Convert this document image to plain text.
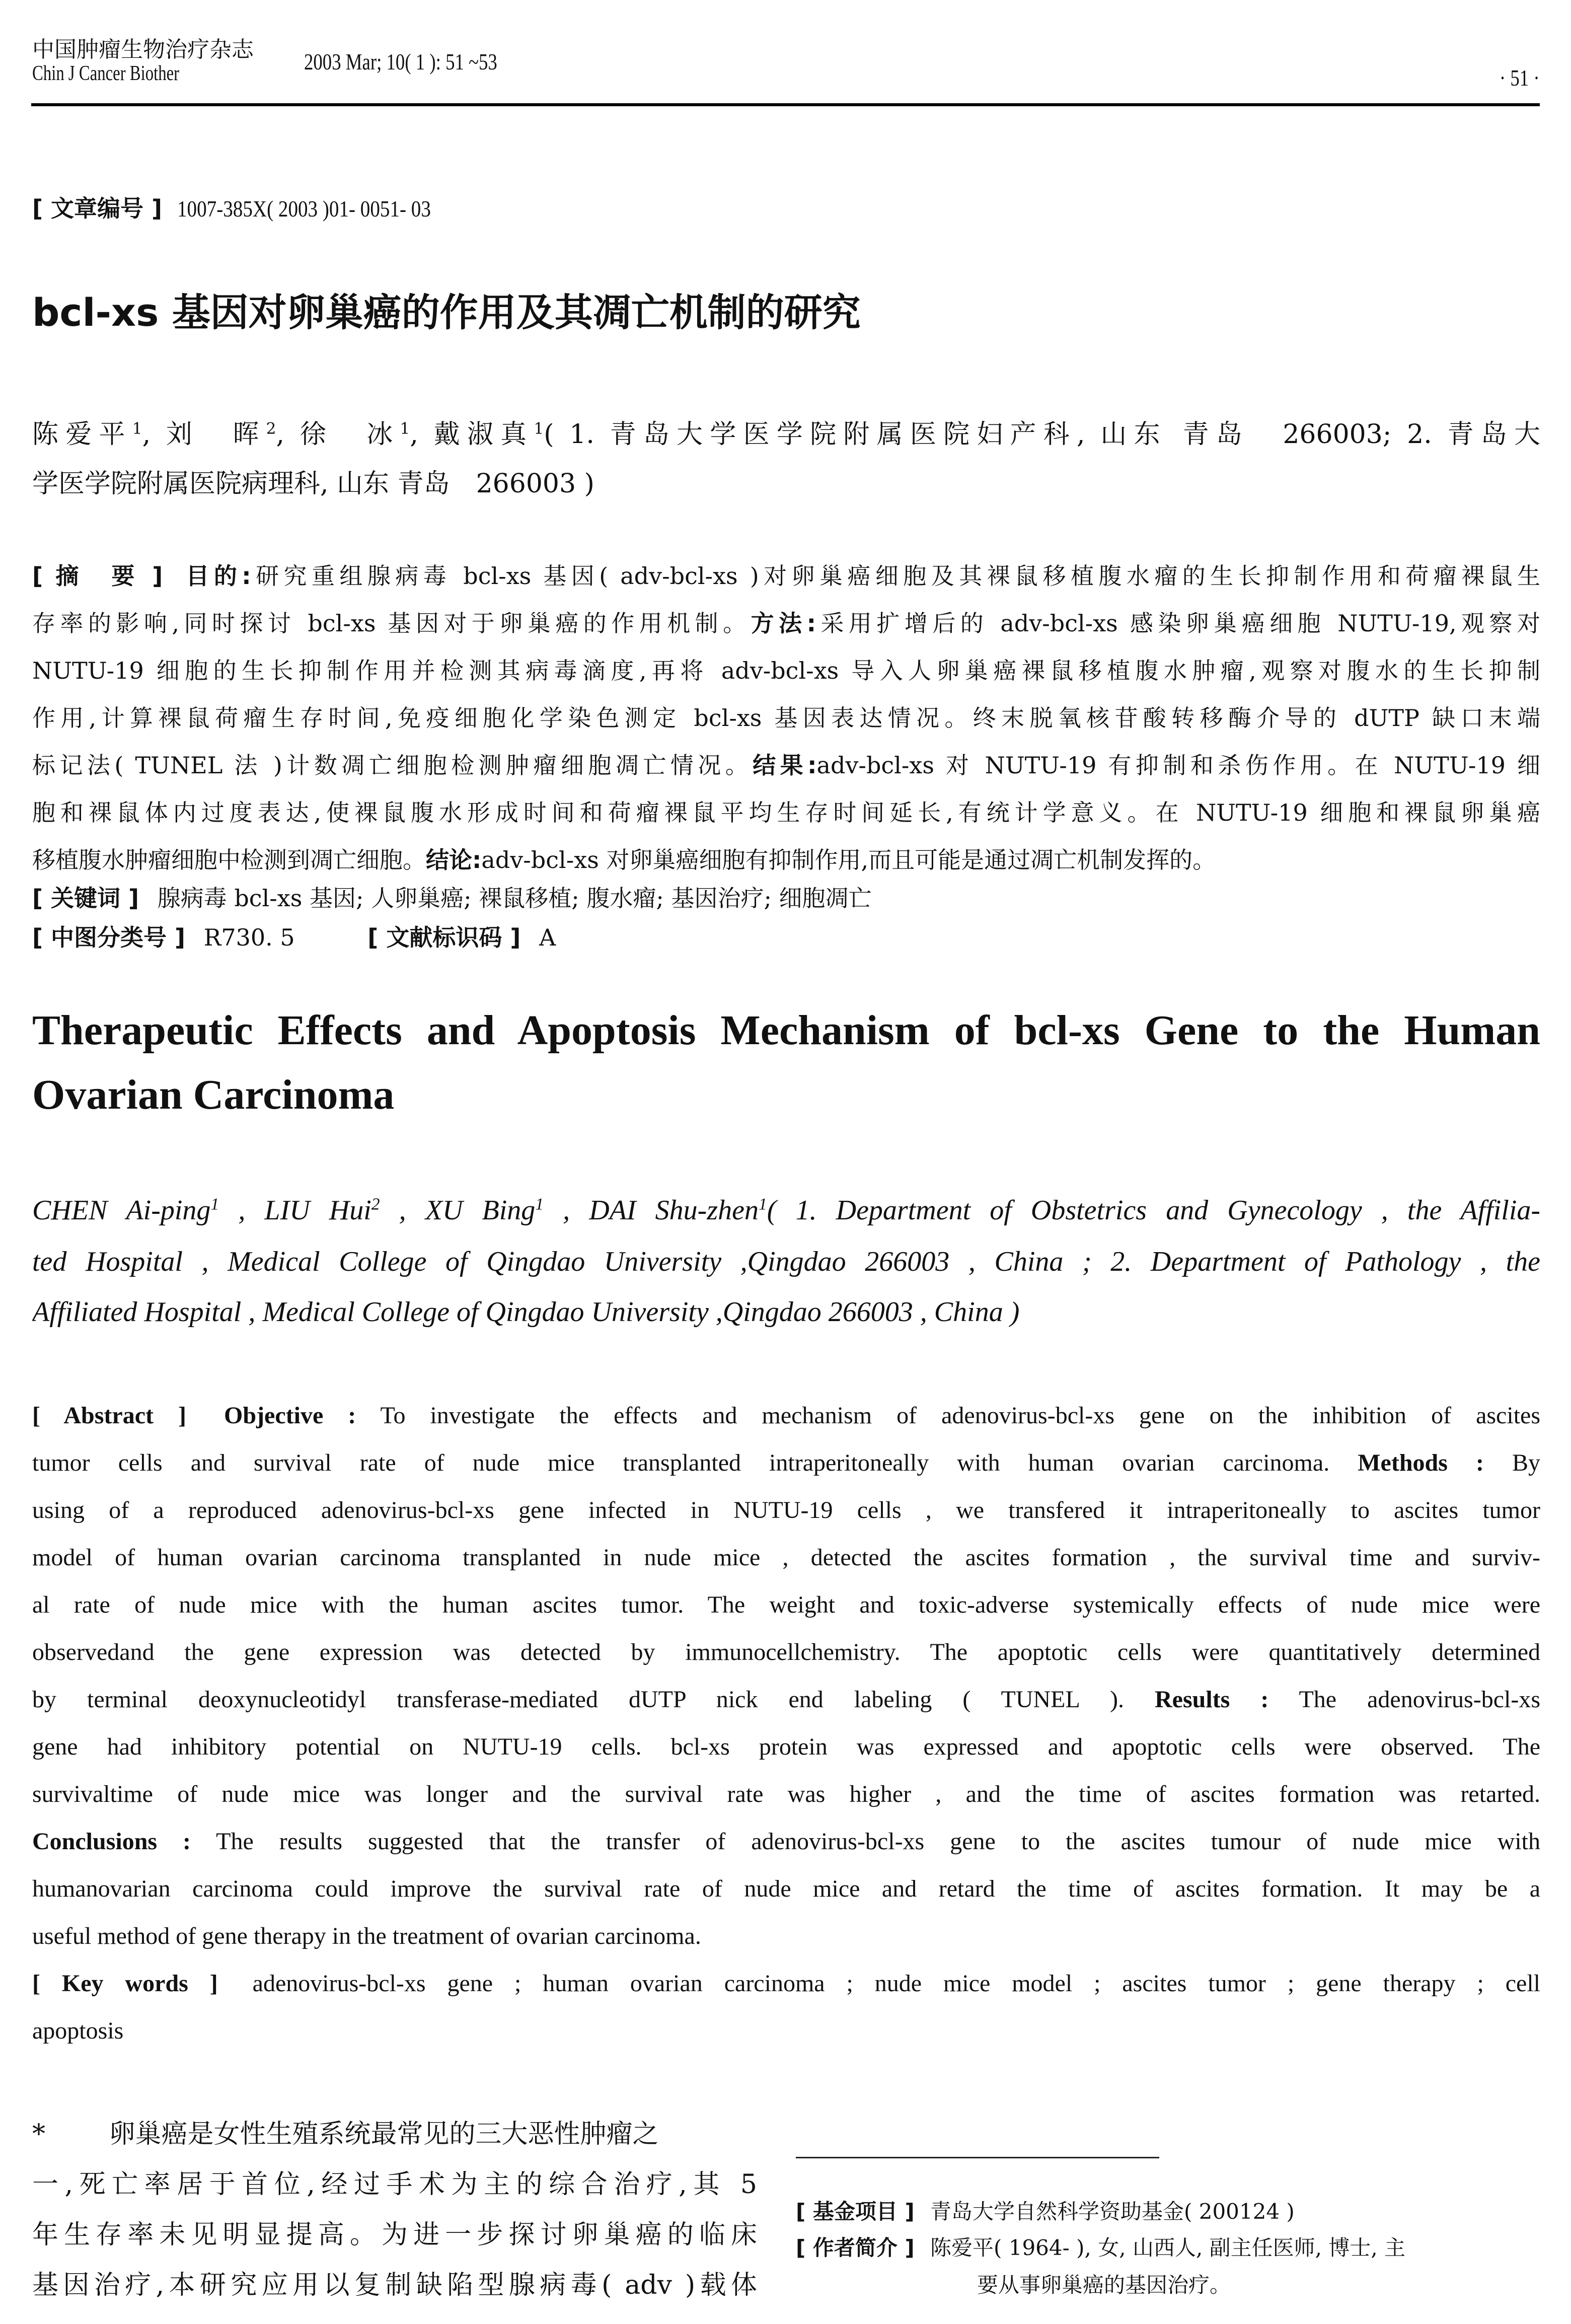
中国肿瘤生物治疗杂志
Chin J Cancer Biother	2003 Mar; 10( 1 ): 51 ~53
· 51 ·
[ 文章编号 ] 1007-385X( 2003 )01- 0051- 03
bcl-xs 基因对卵巢癌的作用及其凋亡机制的研究
陈爱平$^1$, 刘　晖$^2$, 徐　冰$^1$, 戴淑真$^1$( 1. 青岛大学医学院附属医院妇产科, 山东 青岛　266003; 2. 青岛大
学医学院附属医院病理科, 山东 青岛　266003 )
[ 摘　要 ] 目的:研究重组腺病毒 bcl-xs 基因( adv-bcl-xs )对卵巢癌细胞及其裸鼠移植腹水瘤的生长抑制作用和荷瘤裸鼠生
存率的影响,同时探讨 bcl-xs 基因对于卵巢癌的作用机制。方法:采用扩增后的 adv-bcl-xs 感染卵巢癌细胞 NUTU-19,观察对
NUTU-19 细胞的生长抑制作用并检测其病毒滴度,再将 adv-bcl-xs 导入人卵巢癌裸鼠移植腹水肿瘤,观察对腹水的生长抑制
作用,计算裸鼠荷瘤生存时间,免疫细胞化学染色测定 bcl-xs 基因表达情况。终末脱氧核苷酸转移酶介导的 dUTP 缺口末端
标记法( TUNEL 法 )计数凋亡细胞检测肿瘤细胞凋亡情况。结果:adv-bcl-xs 对 NUTU-19 有抑制和杀伤作用。在 NUTU-19 细
胞和裸鼠体内过度表达,使裸鼠腹水形成时间和荷瘤裸鼠平均生存时间延长,有统计学意义。在 NUTU-19 细胞和裸鼠卵巢癌
移植腹水肿瘤细胞中检测到凋亡细胞。结论:adv-bcl-xs 对卵巢癌细胞有抑制作用,而且可能是通过凋亡机制发挥的。
[ 关键词 ] 腺病毒 bcl-xs 基因; 人卵巢癌; 裸鼠移植; 腹水瘤; 基因治疗; 细胞凋亡
[ 中图分类号 ] R730. 5	[ 文献标识码 ] A
Therapeutic Effects and Apoptosis Mechanism of bcl-xs Gene to the Human
Ovarian Carcinoma
CHEN Ai-ping$^1$ , LIU Hui$^2$ , XU Bing$^1$ , DAI Shu-zhen$^1$( 1. Department of Obstetrics and Gynecology , the Affilia-
ted Hospital , Medical College of Qingdao University ,Qingdao 266003 , China ; 2. Department of Pathology , the
Affiliated Hospital , Medical College of Qingdao University ,Qingdao 266003 , China )
[ Abstract ] Objective : To investigate the effects and mechanism of adenovirus-bcl-xs gene on the inhibition of ascites
tumor cells and survival rate of nude mice transplanted intraperitoneally with human ovarian carcinoma. Methods : By
using of a reproduced adenovirus-bcl-xs gene infected in NUTU-19 cells , we transfered it intraperitoneally to ascites tumor
model of human ovarian carcinoma transplanted in nude mice , detected the ascites formation , the survival time and surviv-
al rate of nude mice with the human ascites tumor. The weight and toxic-adverse systemically effects of nude mice were
observedand the gene expression was detected by immunocellchemistry. The apoptotic cells were quantitatively determined
by terminal deoxynucleotidyl transferase-mediated dUTP nick end labeling ( TUNEL ). Results : The adenovirus-bcl-xs
gene had inhibitory potential on NUTU-19 cells. bcl-xs protein was expressed and apoptotic cells were observed. The
survivaltime of nude mice was longer and the survival rate was higher , and the time of ascites formation was retarted.
Conclusions : The results suggested that the transfer of adenovirus-bcl-xs gene to the ascites tumour of nude mice with
humanovarian carcinoma could improve the survival rate of nude mice and retard the time of ascites formation. It may be a
useful method of gene therapy in the treatment of ovarian carcinoma.
[ Key words ] adenovirus-bcl-xs gene ; human ovarian carcinoma ; nude mice model ; ascites tumor ; gene therapy ; cell
apoptosis
* 卵巢癌是女性生殖系统最常见的三大恶性肿瘤之
一,死亡率居于首位,经过手术为主的综合治疗,其 5
年生存率未见明显提高。为进一步探讨卵巢癌的临床
基因治疗,本研究应用以复制缺陷型腺病毒( adv )载体
[ 基金项目 ] 青岛大学自然科学资助基金( 200124 )
[ 作者简介 ] 陈爱平( 1964- ), 女, 山西人, 副主任医师, 博士, 主
要从事卵巢癌的基因治疗。
